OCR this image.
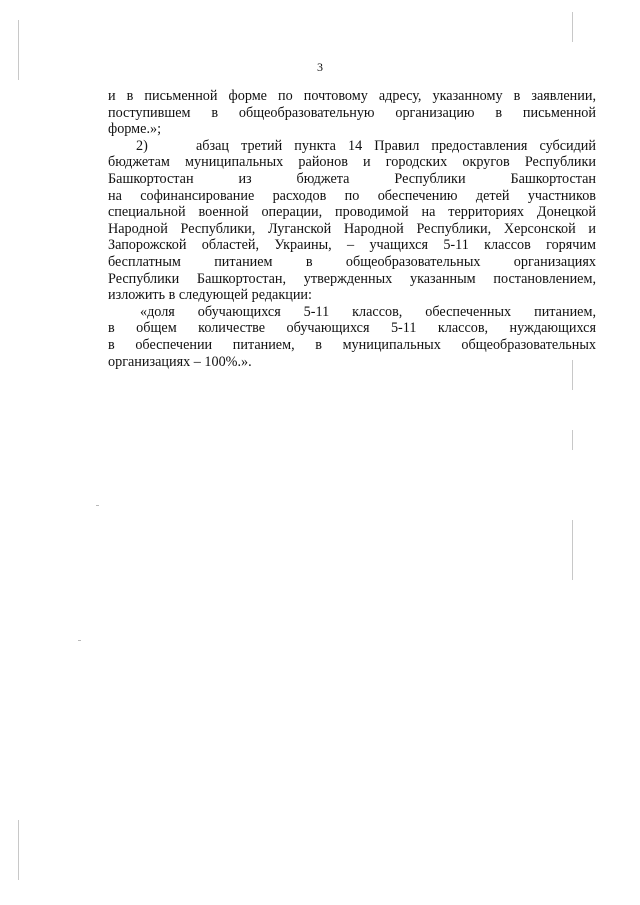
3
и в письменной форме по почтовому адресу, указанному в заявлении,
поступившем в общеобразовательную организацию в письменной
форме.»;
2)	абзац третий пункта 14 Правил предоставления субсидий
бюджетам муниципальных районов и городских округов Республики
Башкортостан из бюджета Республики Башкортостан
на софинансирование расходов по обеспечению детей участников
специальной военной операции, проводимой на территориях Донецкой
Народной Республики, Луганской Народной Республики, Херсонской и
Запорожской областей, Украины, – учащихся 5-11 классов горячим
бесплатным питанием в общеобразовательных организациях
Республики Башкортостан, утвержденных указанным постановлением,
изложить в следующей редакции:
«доля обучающихся 5-11 классов, обеспеченных питанием,
в общем количестве обучающихся 5-11 классов, нуждающихся
в обеспечении питанием, в муниципальных общеобразовательных
организациях – 100%.».
